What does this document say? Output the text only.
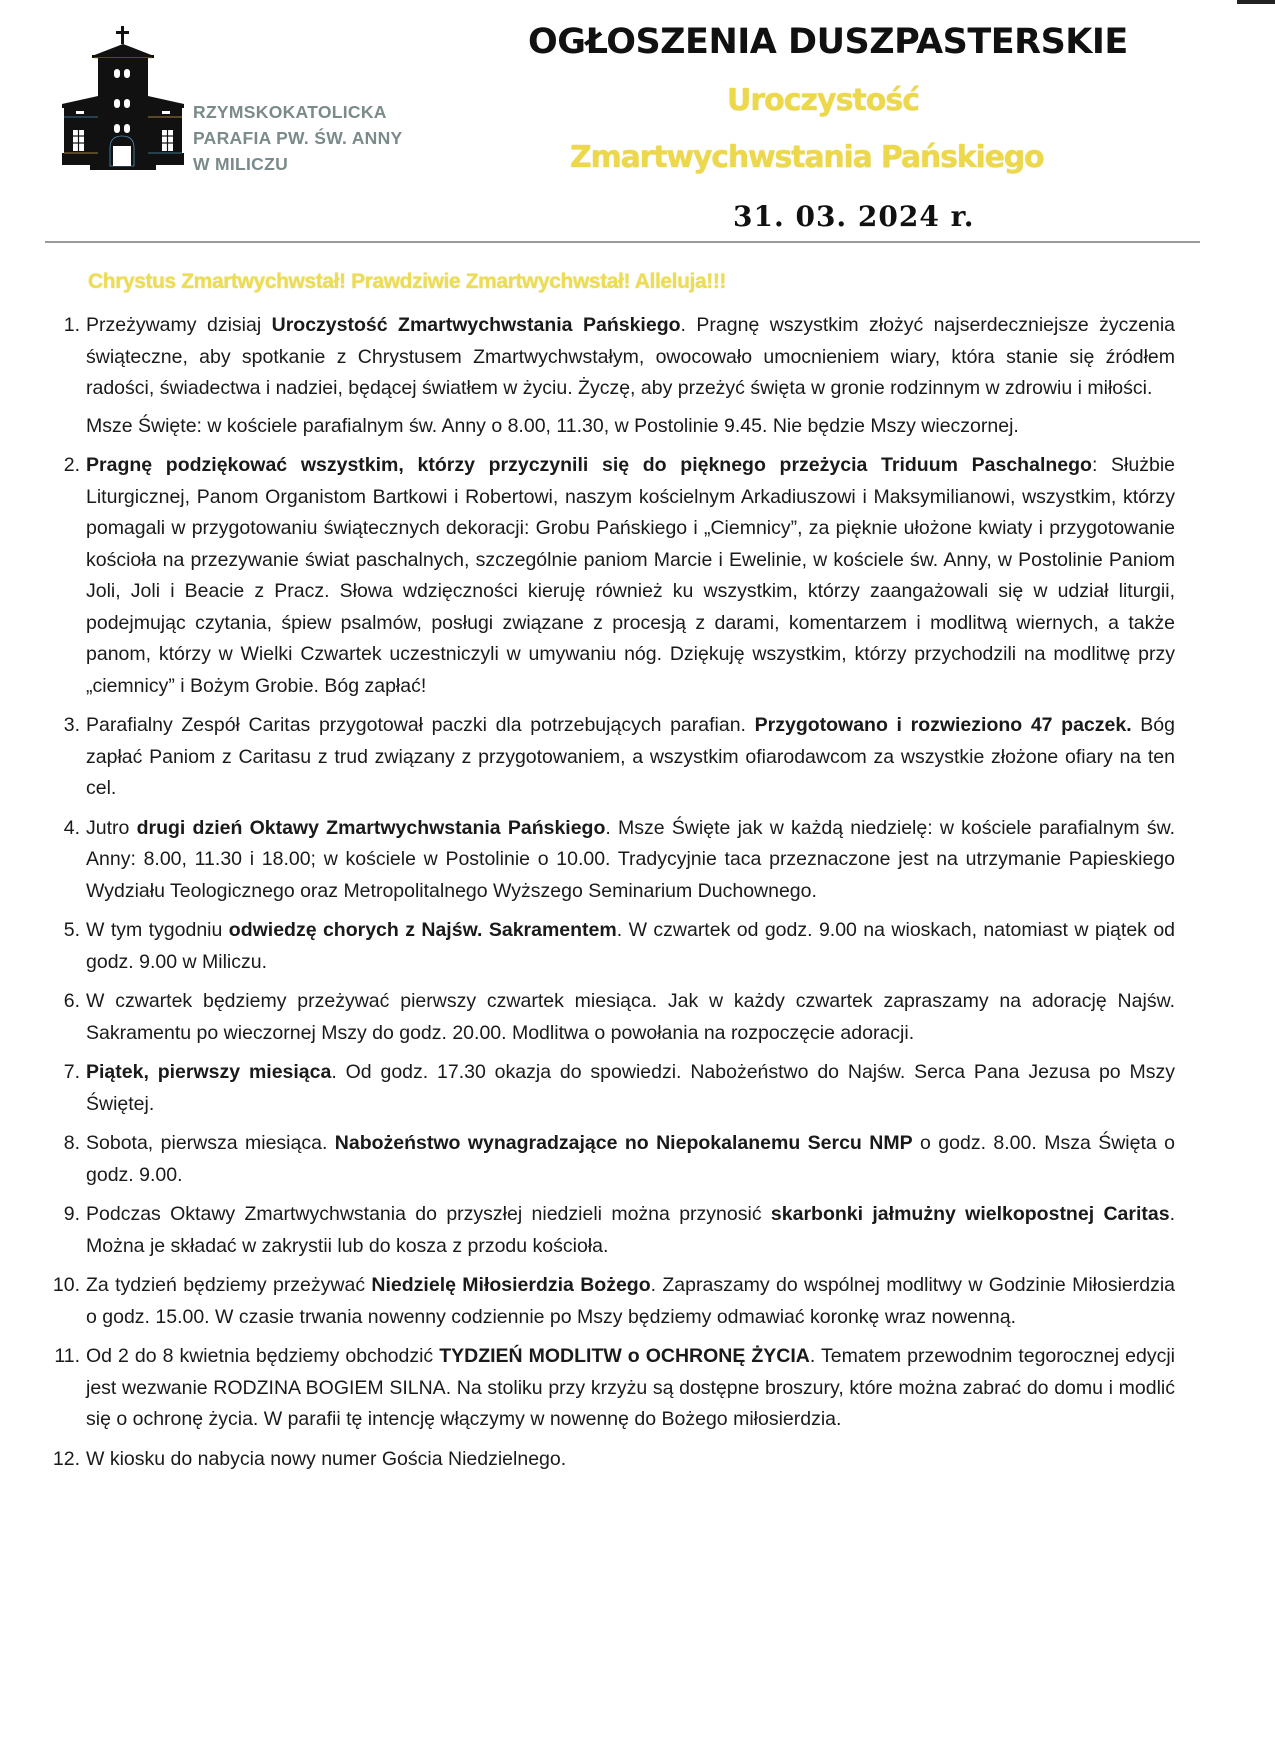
RZYMSKOKATOLICKA
PARAFIA PW. ŚW. ANNY
W MILICZU
OGŁOSZENIA DUSZPASTERSKIE
Uroczystość
Zmartwychwstania Pańskiego
31. 03. 2024 r.
Chrystus Zmartwychwstał! Prawdziwie Zmartwychwstał! Alleluja!!!
1. Przeżywamy dzisiaj Uroczystość Zmartwychwstania Pańskiego. Pragnę wszystkim złożyć najserdeczniejsze życzenia świąteczne, aby spotkanie z Chrystusem Zmartwychwstałym, owocowało umocnieniem wiary, która stanie się źródłem radości, świadectwa i nadziei, będącej światłem w życiu. Życzę, aby przeżyć święta w gronie rodzinnym w zdrowiu i miłości.

Msze Święte: w kościele parafialnym św. Anny o 8.00, 11.30, w Postolinie 9.45. Nie będzie Mszy wieczornej.

2. Pragnę podziękować wszystkim, którzy przyczynili się do pięknego przeżycia Triduum Paschalnego: Służbie Liturgicznej, Panom Organistom Bartkowi i Robertowi, naszym kościelnym Arkadiuszowi i Maksymilianowi, wszystkim, którzy pomagali w przygotowaniu świątecznych dekoracji: Grobu Pańskiego i „Ciemnicy”, za pięknie ułożone kwiaty i przygotowanie kościoła na przezywanie świat paschalnych, szczególnie paniom Marcie i Ewelinie, w kościele św. Anny, w Postolinie Paniom Joli, Joli i Beacie z Pracz. Słowa wdzięczności kieruję również ku wszystkim, którzy zaangażowali się w udział liturgii, podejmując czytania, śpiew psalmów, posługi związane z procesją z darami, komentarzem i modlitwą wiernych, a także panom, którzy w Wielki Czwartek uczestniczyli w umywaniu nóg. Dziękuję wszystkim, którzy przychodzili na modlitwę przy „ciemnicy” i Bożym Grobie. Bóg zapłać!

3. Parafialny Zespół Caritas przygotował paczki dla potrzebujących parafian. Przygotowano i rozwieziono 47 paczek. Bóg zapłać Paniom z Caritasu z trud związany z przygotowaniem, a wszystkim ofiarodawcom za wszystkie złożone ofiary na ten cel.

4. Jutro drugi dzień Oktawy Zmartwychwstania Pańskiego. Msze Święte jak w każdą niedzielę: w kościele parafialnym św. Anny: 8.00, 11.30 i 18.00; w kościele w Postolinie o 10.00. Tradycyjnie taca przeznaczone jest na utrzymanie Papieskiego Wydziału Teologicznego oraz Metropolitalnego Wyższego Seminarium Duchownego.

5. W tym tygodniu odwiedzę chorych z Najśw. Sakramentem. W czwartek od godz. 9.00 na wioskach, natomiast w piątek od godz. 9.00 w Miliczu.

6. W czwartek będziemy przeżywać pierwszy czwartek miesiąca. Jak w każdy czwartek zapraszamy na adorację Najśw. Sakramentu po wieczornej Mszy do godz. 20.00. Modlitwa o powołania na rozpoczęcie adoracji.

7. Piątek, pierwszy miesiąca. Od godz. 17.30 okazja do spowiedzi. Nabożeństwo do Najśw. Serca Pana Jezusa po Mszy Świętej.

8. Sobota, pierwsza miesiąca. Nabożeństwo wynagradzające no Niepokalanemu Sercu NMP o godz. 8.00. Msza Święta o godz. 9.00.

9. Podczas Oktawy Zmartwychwstania do przyszłej niedzieli można przynosić skarbonki jałmużny wielkopostnej Caritas. Można je składać w zakrystii lub do kosza z przodu kościoła.

10. Za tydzień będziemy przeżywać Niedzielę Miłosierdzia Bożego. Zapraszamy do wspólnej modlitwy w Godzinie Miłosierdzia o godz. 15.00. W czasie trwania nowenny codziennie po Mszy będziemy odmawiać koronkę wraz nowenną.

11. Od 2 do 8 kwietnia będziemy obchodzić TYDZIEŃ MODLITW o OCHRONĘ ŻYCIA. Tematem przewodnim tegorocznej edycji jest wezwanie RODZINA BOGIEM SILNA. Na stoliku przy krzyżu są dostępne broszury, które można zabrać do domu i modlić się o ochronę życia. W parafii tę intencję włączymy w nowennę do Bożego miłosierdzia.

12. W kiosku do nabycia nowy numer Gościa Niedzielnego.
